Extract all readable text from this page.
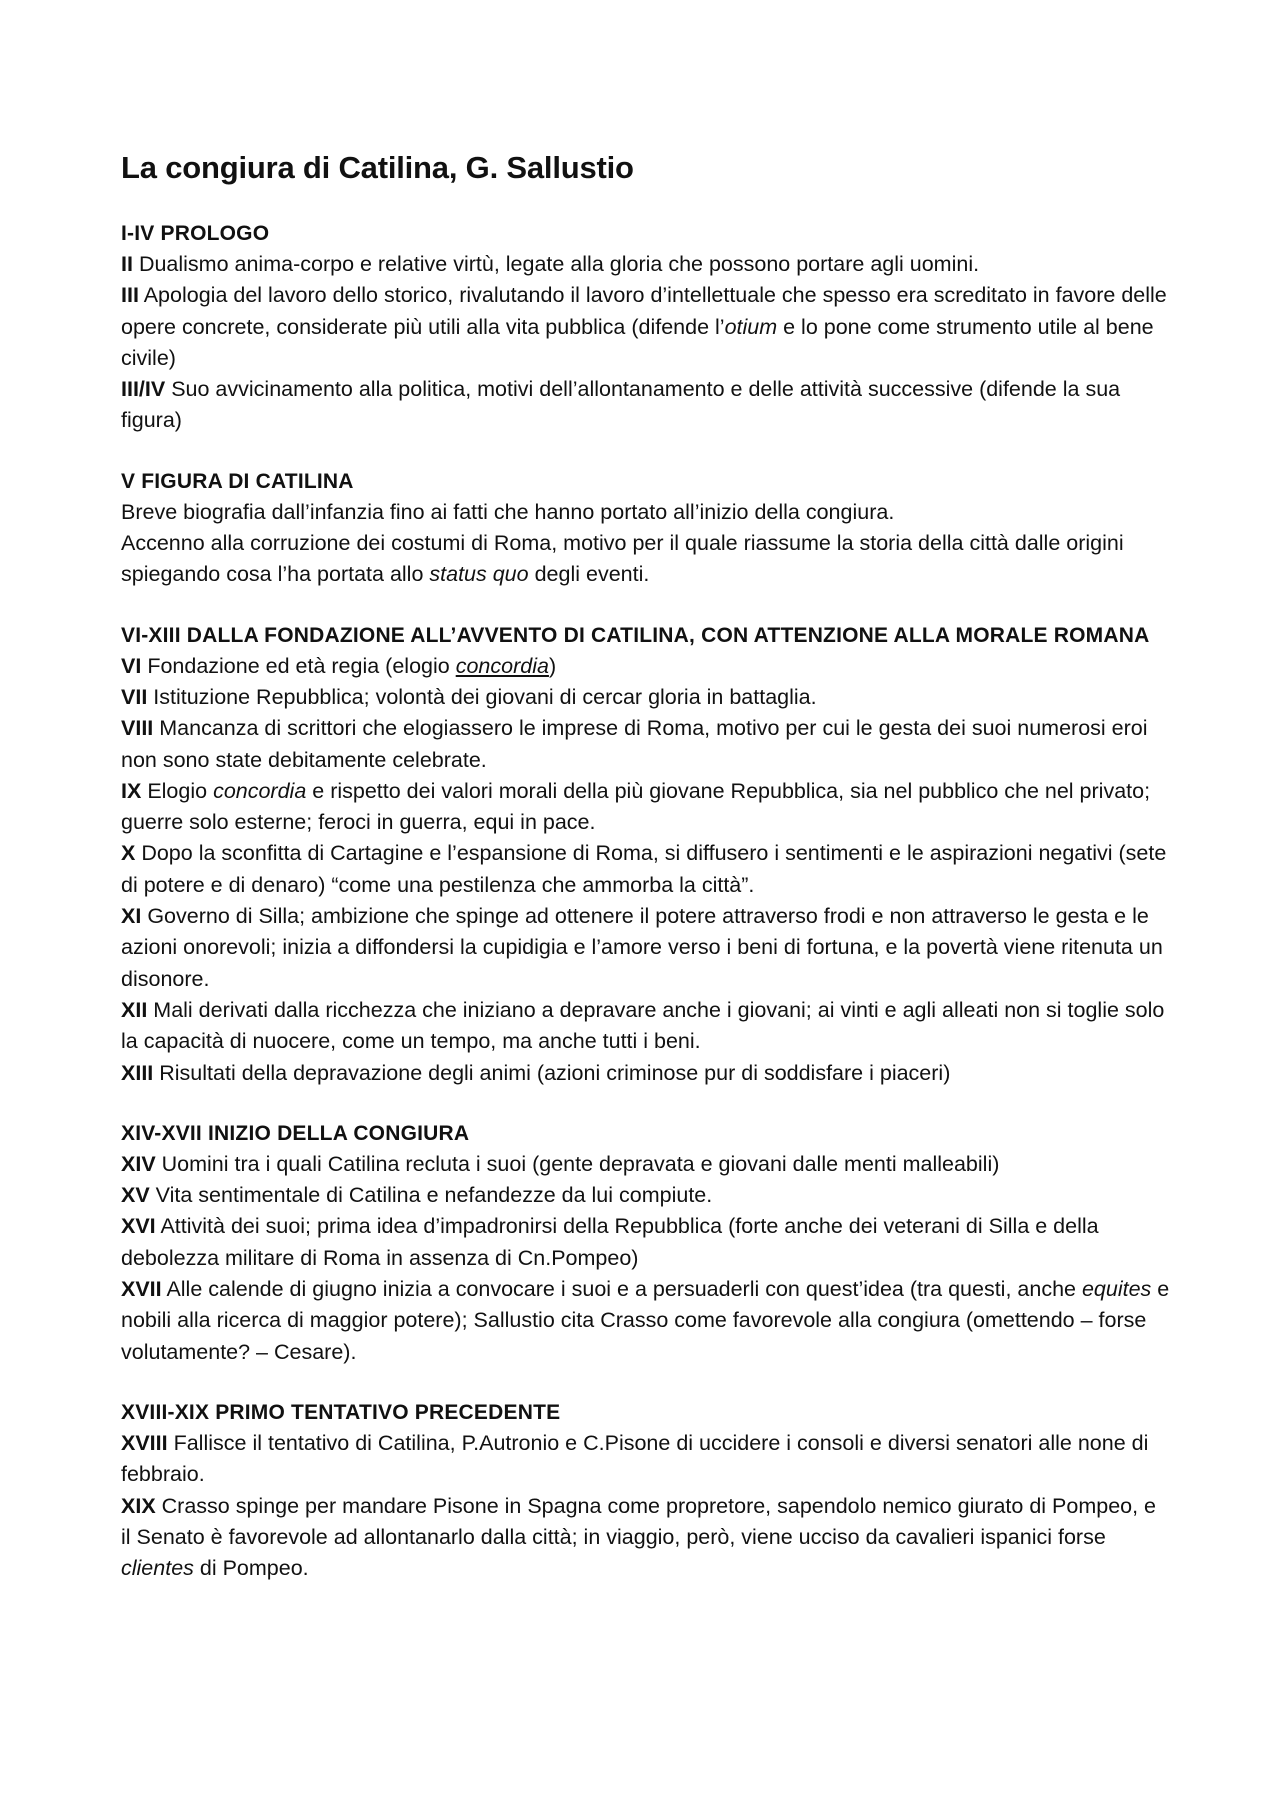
La congiura di Catilina, G. Sallustio

I-IV PROLOGO

II Dualismo anima-corpo e relative virtù, legate alla gloria che possono portare agli uomini.

III Apologia del lavoro dello storico, rivalutando il lavoro d’intellettuale che spesso era screditato in favore delle opere concrete, considerate più utili alla vita pubblica (difende l’otium e lo pone come strumento utile al bene civile)

III/IV Suo avvicinamento alla politica, motivi dell’allontanamento e delle attività successive (difende la sua figura)

V FIGURA DI CATILINA

Breve biografia dall’infanzia fino ai fatti che hanno portato all’inizio della congiura.

Accenno alla corruzione dei costumi di Roma, motivo per il quale riassume la storia della città dalle origini spiegando cosa l’ha portata allo status quo degli eventi.

VI-XIII DALLA FONDAZIONE ALL’AVVENTO DI CATILINA, CON ATTENZIONE ALLA MORALE ROMANA

VI Fondazione ed età regia (elogio concordia)

VII Istituzione Repubblica; volontà dei giovani di cercar gloria in battaglia.

VIII Mancanza di scrittori che elogiassero le imprese di Roma, motivo per cui le gesta dei suoi numerosi eroi non sono state debitamente celebrate.

IX Elogio concordia e rispetto dei valori morali della più giovane Repubblica, sia nel pubblico che nel privato; guerre solo esterne; feroci in guerra, equi in pace.

X Dopo la sconfitta di Cartagine e l’espansione di Roma, si diffusero i sentimenti e le aspirazioni negativi (sete di potere e di denaro) “come una pestilenza che ammorba la città”.

XI Governo di Silla; ambizione che spinge ad ottenere il potere attraverso frodi e non attraverso le gesta e le azioni onorevoli; inizia a diffondersi la cupidigia e l’amore verso i beni di fortuna, e la povertà viene ritenuta un disonore.

XII Mali derivati dalla ricchezza che iniziano a depravare anche i giovani; ai vinti e agli alleati non si toglie solo la capacità di nuocere, come un tempo, ma anche tutti i beni.

XIII Risultati della depravazione degli animi (azioni criminose pur di soddisfare i piaceri)

XIV-XVII INIZIO DELLA CONGIURA

XIV Uomini tra i quali Catilina recluta i suoi (gente depravata e giovani dalle menti malleabili)

XV Vita sentimentale di Catilina e nefandezze da lui compiute.

XVI Attività dei suoi; prima idea d’impadronirsi della Repubblica (forte anche dei veterani di Silla e della debolezza militare di Roma in assenza di Cn.Pompeo)

XVII Alle calende di giugno inizia a convocare i suoi e a persuaderli con quest’idea (tra questi, anche equites e nobili alla ricerca di maggior potere); Sallustio cita Crasso come favorevole alla congiura (omettendo – forse volutamente? – Cesare).

XVIII-XIX PRIMO TENTATIVO PRECEDENTE

XVIII Fallisce il tentativo di Catilina, P.Autronio e C.Pisone di uccidere i consoli e diversi senatori alle none di febbraio.

XIX Crasso spinge per mandare Pisone in Spagna come propretore, sapendolo nemico giurato di Pompeo, e il Senato è favorevole ad allontanarlo dalla città; in viaggio, però, viene ucciso da cavalieri ispanici forse clientes di Pompeo.
